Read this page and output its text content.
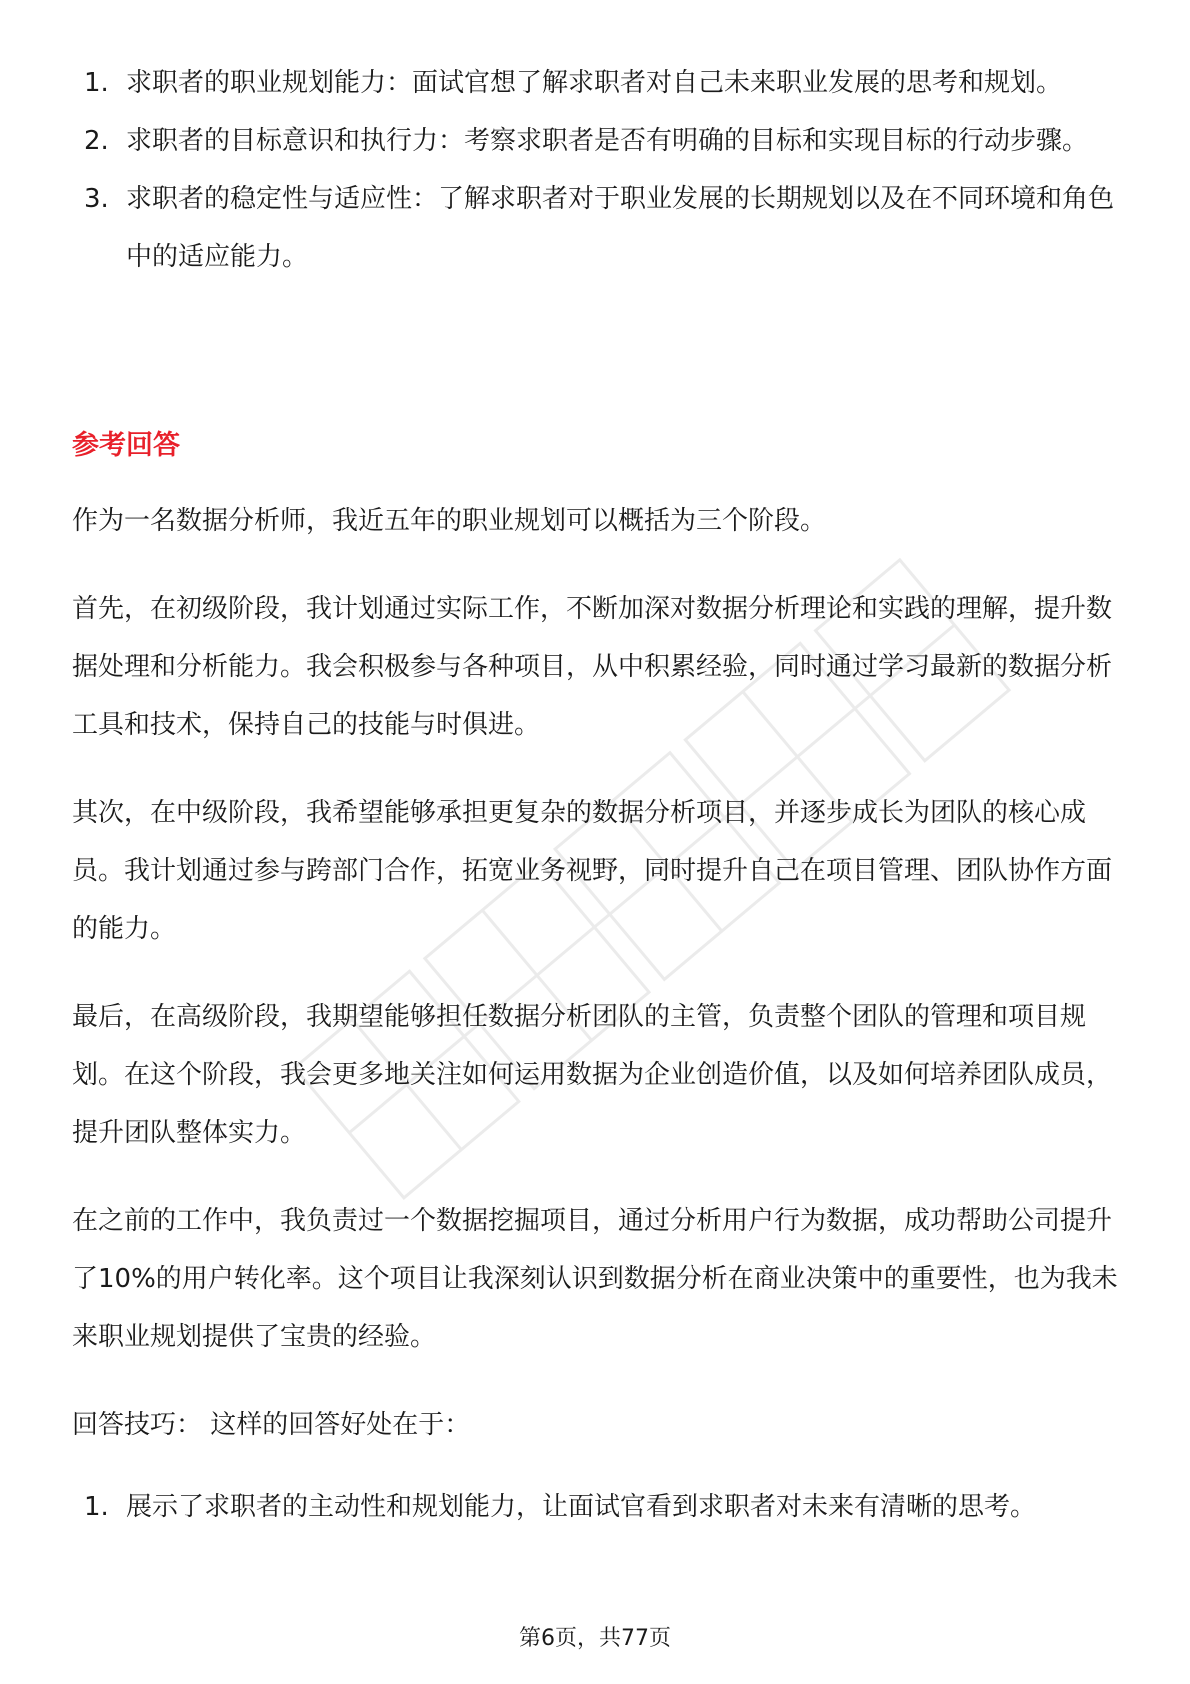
1. 求职者的职业规划能力：面试官想了解求职者对自己未来职业发展的思考和规划。
2. 求职者的目标意识和执行力：考察求职者是否有明确的目标和实现目标的行动步骤。
3. 求职者的稳定性与适应性：了解求职者对于职业发展的长期规划以及在不同环境和角色中的适应能力。
参考回答

作为一名数据分析师，我近五年的职业规划可以概括为三个阶段。

首先，在初级阶段，我计划通过实际工作，不断加深对数据分析理论和实践的理解，提升数据处理和分析能力。我会积极参与各种项目，从中积累经验，同时通过学习最新的数据分析工具和技术，保持自己的技能与时俱进。

其次，在中级阶段，我希望能够承担更复杂的数据分析项目，并逐步成长为团队的核心成员。我计划通过参与跨部门合作，拓宽业务视野，同时提升自己在项目管理、团队协作方面的能力。

最后，在高级阶段，我期望能够担任数据分析团队的主管，负责整个团队的管理和项目规划。在这个阶段，我会更多地关注如何运用数据为企业创造价值，以及如何培养团队成员，提升团队整体实力。

在之前的工作中，我负责过一个数据挖掘项目，通过分析用户行为数据，成功帮助公司提升了10%的用户转化率。这个项目让我深刻认识到数据分析在商业决策中的重要性，也为我未来职业规划提供了宝贵的经验。

回答技巧： 这样的回答好处在于：

1. 展示了求职者的主动性和规划能力，让面试官看到求职者对未来有清晰的思考。
第6页，共77页
